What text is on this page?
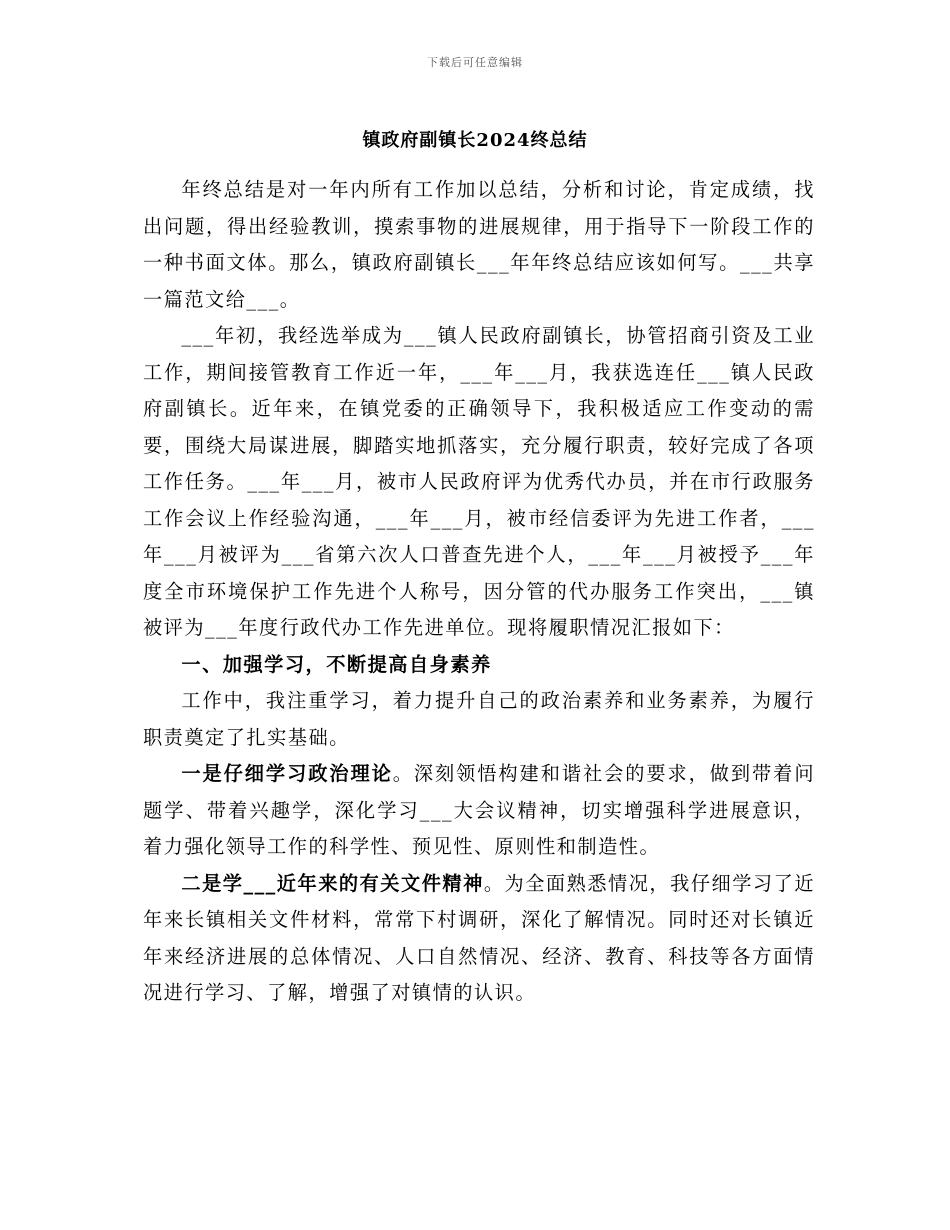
下载后可任意编辑
镇政府副镇长2024终总结

年终总结是对一年内所有工作加以总结，分析和讨论，肯定成绩，找出问题，得出经验教训，摸索事物的进展规律，用于指导下一阶段工作的一种书面文体。那么，镇政府副镇长___年年终总结应该如何写。___共享一篇范文给___。

___年初，我经选举成为___镇人民政府副镇长，协管招商引资及工业工作，期间接管教育工作近一年，___年___月，我获选连任___镇人民政府副镇长。近年来，在镇党委的正确领导下，我积极适应工作变动的需要，围绕大局谋进展，脚踏实地抓落实，充分履行职责，较好完成了各项工作任务。___年___月，被市人民政府评为优秀代办员，并在市行政服务工作会议上作经验沟通，___年___月，被市经信委评为先进工作者，___年___月被评为___省第六次人口普查先进个人，___年___月被授予___年度全市环境保护工作先进个人称号，因分管的代办服务工作突出，___镇被评为___年度行政代办工作先进单位。现将履职情况汇报如下：

一、加强学习，不断提高自身素养

工作中，我注重学习，着力提升自己的政治素养和业务素养，为履行职责奠定了扎实基础。

一是仔细学习政治理论。深刻领悟构建和谐社会的要求，做到带着问题学、带着兴趣学，深化学习___大会议精神，切实增强科学进展意识，着力强化领导工作的科学性、预见性、原则性和制造性。

二是学___近年来的有关文件精神。为全面熟悉情况，我仔细学习了近年来长镇相关文件材料，常常下村调研，深化了解情况。同时还对长镇近年来经济进展的总体情况、人口自然情况、经济、教育、科技等各方面情况进行学习、了解，增强了对镇情的认识。
